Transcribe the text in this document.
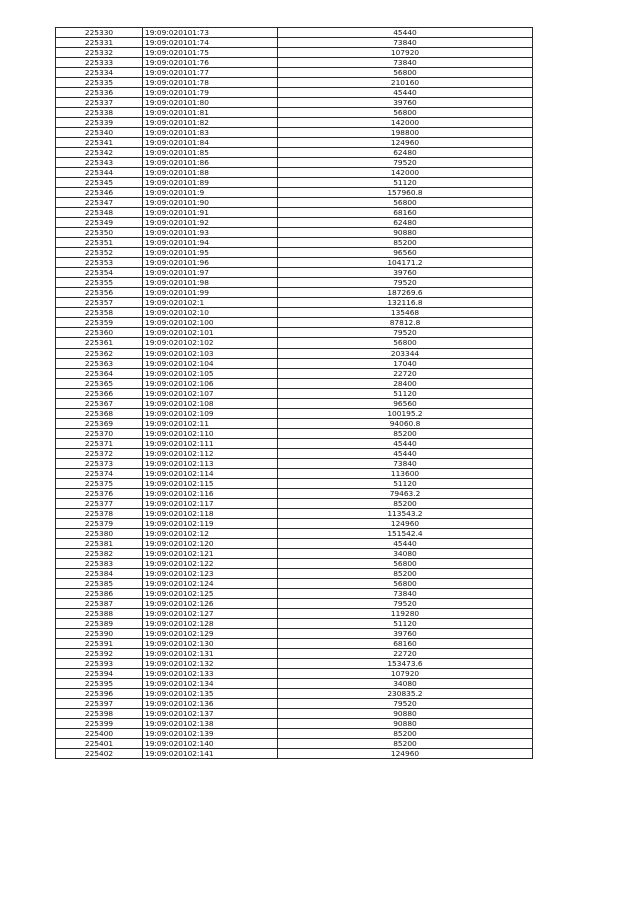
225330	19:09:020101:73	45440
225331	19:09:020101:74	73840
225332	19:09:020101:75	107920
225333	19:09:020101:76	73840
225334	19:09:020101:77	56800
225335	19:09:020101:78	210160
225336	19:09:020101:79	45440
225337	19:09:020101:80	39760
225338	19:09:020101:81	56800
225339	19:09:020101:82	142000
225340	19:09:020101:83	198800
225341	19:09:020101:84	124960
225342	19:09:020101:85	62480
225343	19:09:020101:86	79520
225344	19:09:020101:88	142000
225345	19:09:020101:89	51120
225346	19:09:020101:9	157960.8
225347	19:09:020101:90	56800
225348	19:09:020101:91	68160
225349	19:09:020101:92	62480
225350	19:09:020101:93	90880
225351	19:09:020101:94	85200
225352	19:09:020101:95	96560
225353	19:09:020101:96	104171.2
225354	19:09:020101:97	39760
225355	19:09:020101:98	79520
225356	19:09:020101:99	187269.6
225357	19:09:020102:1	132116.8
225358	19:09:020102:10	135468
225359	19:09:020102:100	87812.8
225360	19:09:020102:101	79520
225361	19:09:020102:102	56800
225362	19:09:020102:103	203344
225363	19:09:020102:104	17040
225364	19:09:020102:105	22720
225365	19:09:020102:106	28400
225366	19:09:020102:107	51120
225367	19:09:020102:108	96560
225368	19:09:020102:109	100195.2
225369	19:09:020102:11	94060.8
225370	19:09:020102:110	85200
225371	19:09:020102:111	45440
225372	19:09:020102:112	45440
225373	19:09:020102:113	73840
225374	19:09:020102:114	113600
225375	19:09:020102:115	51120
225376	19:09:020102:116	79463.2
225377	19:09:020102:117	85200
225378	19:09:020102:118	113543.2
225379	19:09:020102:119	124960
225380	19:09:020102:12	151542.4
225381	19:09:020102:120	45440
225382	19:09:020102:121	34080
225383	19:09:020102:122	56800
225384	19:09:020102:123	85200
225385	19:09:020102:124	56800
225386	19:09:020102:125	73840
225387	19:09:020102:126	79520
225388	19:09:020102:127	119280
225389	19:09:020102:128	51120
225390	19:09:020102:129	39760
225391	19:09:020102:130	68160
225392	19:09:020102:131	22720
225393	19:09:020102:132	153473.6
225394	19:09:020102:133	107920
225395	19:09:020102:134	34080
225396	19:09:020102:135	230835.2
225397	19:09:020102:136	79520
225398	19:09:020102:137	90880
225399	19:09:020102:138	90880
225400	19:09:020102:139	85200
225401	19:09:020102:140	85200
225402	19:09:020102:141	124960
